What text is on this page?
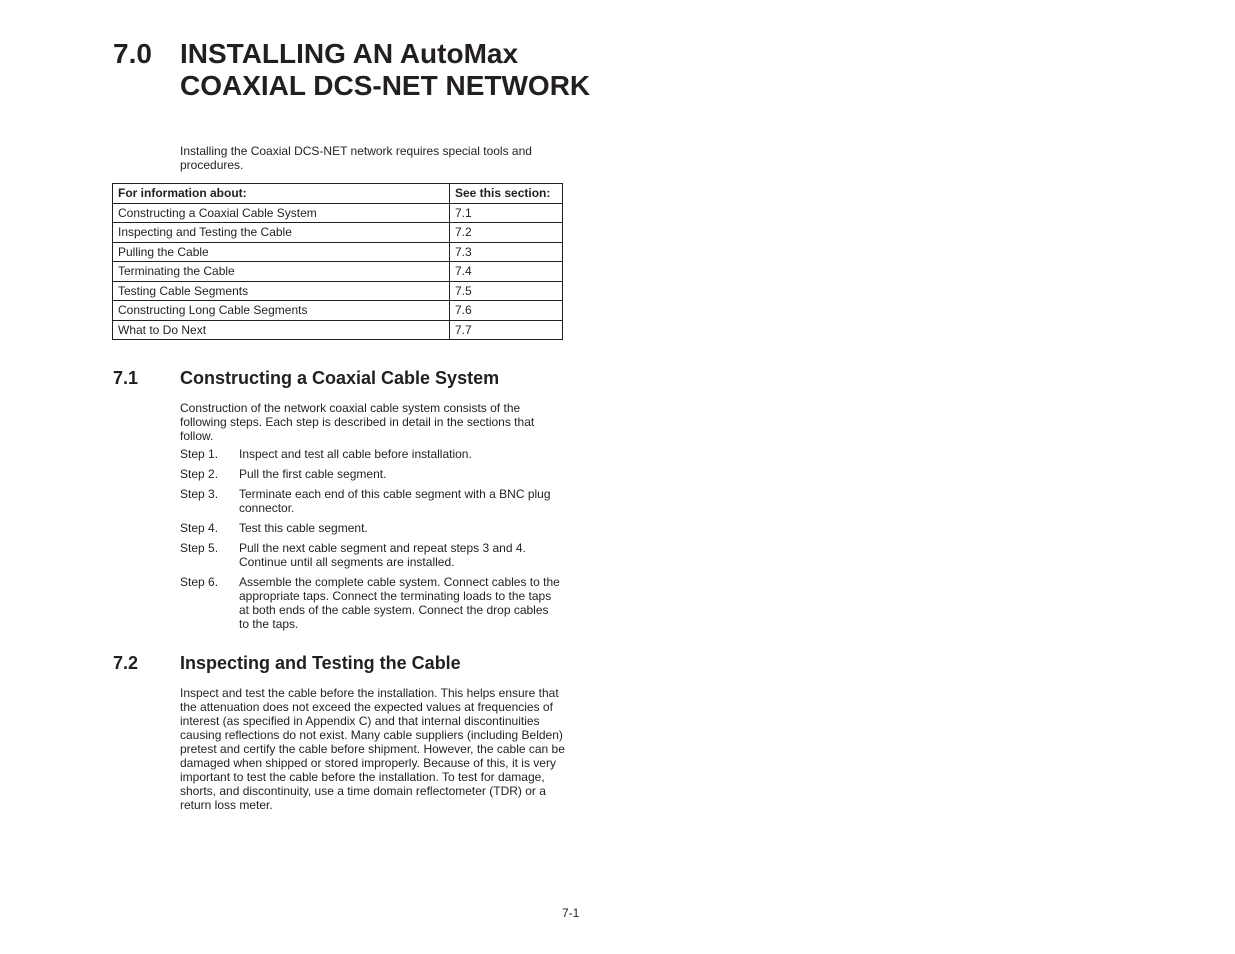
7.0 INSTALLING AN AutoMax COAXIAL DCS-NET NETWORK
Installing the Coaxial DCS-NET network requires special tools and procedures.
For information about:	See this section:
Constructing a Coaxial Cable System	7.1
Inspecting and Testing the Cable	7.2
Pulling the Cable	7.3
Terminating the Cable	7.4
Testing Cable Segments	7.5
Constructing Long Cable Segments	7.6
What to Do Next	7.7
7.1 Constructing a Coaxial Cable System
Construction of the network coaxial cable system consists of the following steps. Each step is described in detail in the sections that follow.
Step 1.	Inspect and test all cable before installation.
Step 2.	Pull the first cable segment.
Step 3.	Terminate each end of this cable segment with a BNC plug connector.
Step 4.	Test this cable segment.
Step 5.	Pull the next cable segment and repeat steps 3 and 4. Continue until all segments are installed.
Step 6.	Assemble the complete cable system. Connect cables to the appropriate taps. Connect the terminating loads to the taps at both ends of the cable system. Connect the drop cables to the taps.
7.2 Inspecting and Testing the Cable
Inspect and test the cable before the installation. This helps ensure that the attenuation does not exceed the expected values at frequencies of interest (as specified in Appendix C) and that internal discontinuities causing reflections do not exist. Many cable suppliers (including Belden) pretest and certify the cable before shipment. However, the cable can be damaged when shipped or stored improperly. Because of this, it is very important to test the cable before the installation. To test for damage, shorts, and discontinuity, use a time domain reflectometer (TDR) or a return loss meter.
7-1
